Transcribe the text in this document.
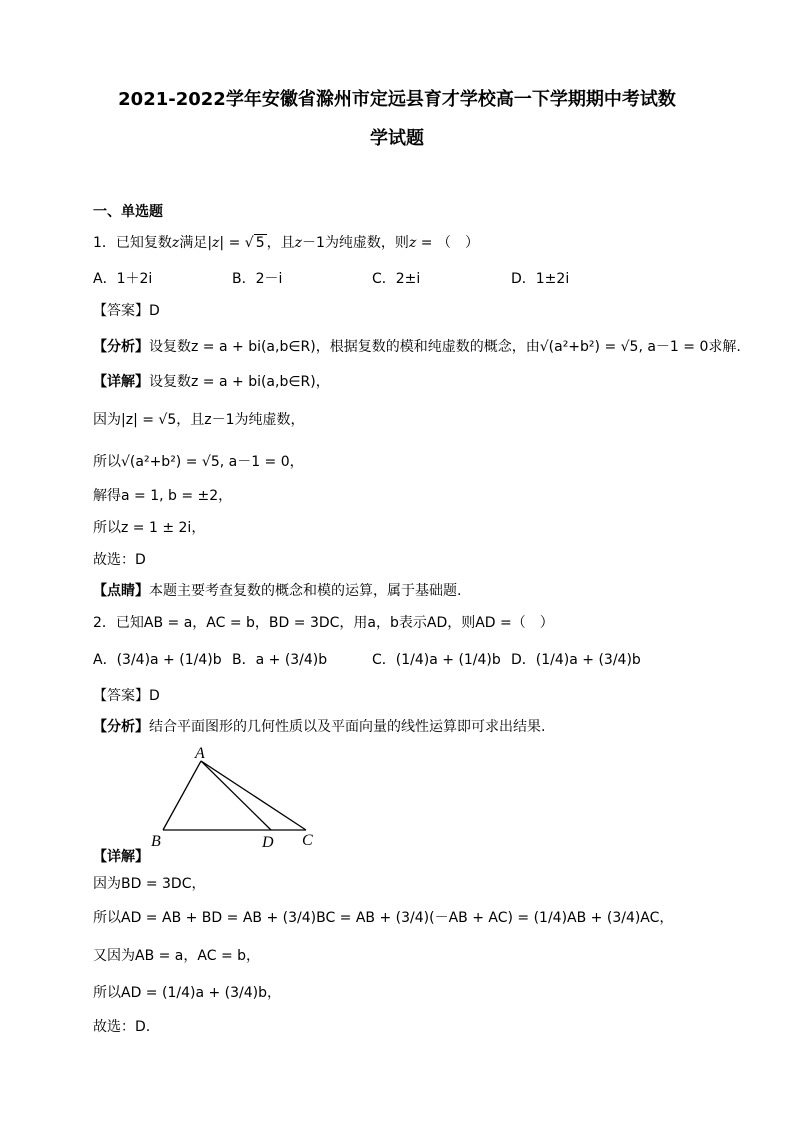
2021-2022学年安徽省滁州市定远县育才学校高一下学期期中考试数
学试题
一、单选题
1．已知复数z满足|z| = √ 5 ，且z－1为纯虚数，则z = （　）
A．1＋2i	B．2－i	C．2±i	D．1±2i
【答案】D
【分析】设复数z = a + bi(a,b∈R)，根据复数的模和纯虚数的概念，由√(a²+b²) = √5, a－1 = 0求解.
【详解】设复数z = a + bi(a,b∈R)，
因为|z| = √5，且z－1为纯虚数，
所以√(a²+b²) = √5, a－1 = 0，
解得a = 1, b = ±2，
所以z = 1 ± 2i，
故选：D
【点睛】本题主要考查复数的概念和模的运算，属于基础题.
2．已知AB = a，AC = b，BD = 3DC，用a，b表示AD，则AD =（　）
A．(3/4)a + (1/4)b B．a + (3/4)b	C．(1/4)a + (1/4)b D．(1/4)a + (3/4)b
【答案】D
【分析】结合平面图形的几何性质以及平面向量的线性运算即可求出结果.
A
B	D C
【详解】
因为BD = 3DC，
所以AD = AB + BD = AB + (3/4)BC = AB + (3/4)(－AB + AC) = (1/4)AB + (3/4)AC，
又因为AB = a，AC = b，
所以AD = (1/4)a + (3/4)b，
故选：D.
